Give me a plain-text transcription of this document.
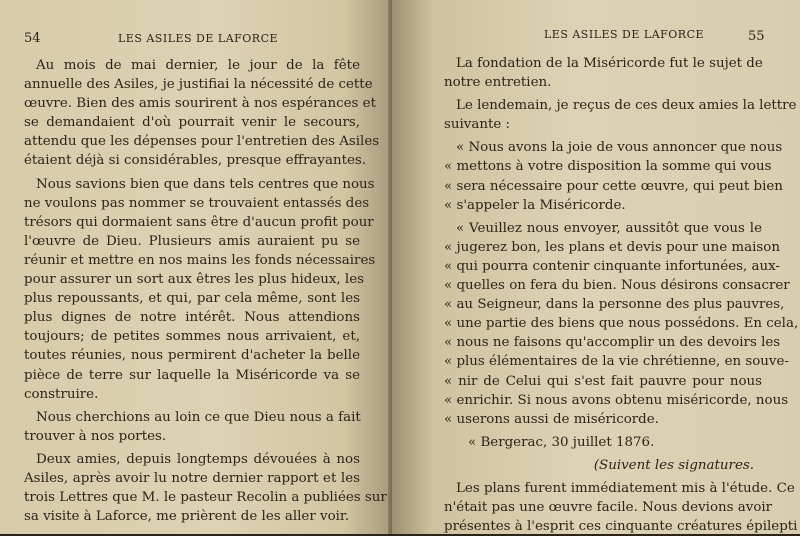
54	LES ASILES DE LAFORCE
Au mois de mai dernier, le jour de la fête
annuelle des Asiles, je justifiai la nécessité de cette
œuvre. Bien des amis sourirent à nos espérances et
se demandaient d'où pourrait venir le secours,
attendu que les dépenses pour l'entretien des Asiles
étaient déjà si considérables, presque effrayantes.
Nous savions bien que dans tels centres que nous
ne voulons pas nommer se trouvaient entassés des
trésors qui dormaient sans être d'aucun profit pour
l'œuvre de Dieu. Plusieurs amis auraient pu se
réunir et mettre en nos mains les fonds nécessaires
pour assurer un sort aux êtres les plus hideux, les
plus repoussants, et qui, par cela même, sont les
plus dignes de notre intérêt. Nous attendions
toujours; de petites sommes nous arrivaient, et,
toutes réunies, nous permirent d'acheter la belle
pièce de terre sur laquelle la Miséricorde va se
construire.
Nous cherchions au loin ce que Dieu nous a fait
trouver à nos portes.
Deux amies, depuis longtemps dévouées à nos
Asiles, après avoir lu notre dernier rapport et les
trois Lettres que M. le pasteur Recolin a publiées sur
sa visite à Laforce, me prièrent de les aller voir.
LES ASILES DE LAFORCE	55
La fondation de la Miséricorde fut le sujet de
notre entretien.
Le lendemain, je reçus de ces deux amies la lettre
suivante :
« Nous avons la joie de vous annoncer que nous
« mettons à votre disposition la somme qui vous
« sera nécessaire pour cette œuvre, qui peut bien
« s'appeler la Miséricorde.
« Veuillez nous envoyer, aussitôt que vous le
« jugerez bon, les plans et devis pour une maison
« qui pourra contenir cinquante infortunées, aux-
« quelles on fera du bien. Nous désirons consacrer
« au Seigneur, dans la personne des plus pauvres,
« une partie des biens que nous possédons. En cela,
« nous ne faisons qu'accomplir un des devoirs les
« plus élémentaires de la vie chrétienne, en souve-
« nir de Celui qui s'est fait pauvre pour nous
« enrichir. Si nous avons obtenu miséricorde, nous
« userons aussi de miséricorde.
« Bergerac, 30 juillet 1876.
(Suivent les signatures.
Les plans furent immédiatement mis à l'étude. Ce
n'était pas une œuvre facile. Nous devions avoir
présentes à l'esprit ces cinquante créatures épilepti
